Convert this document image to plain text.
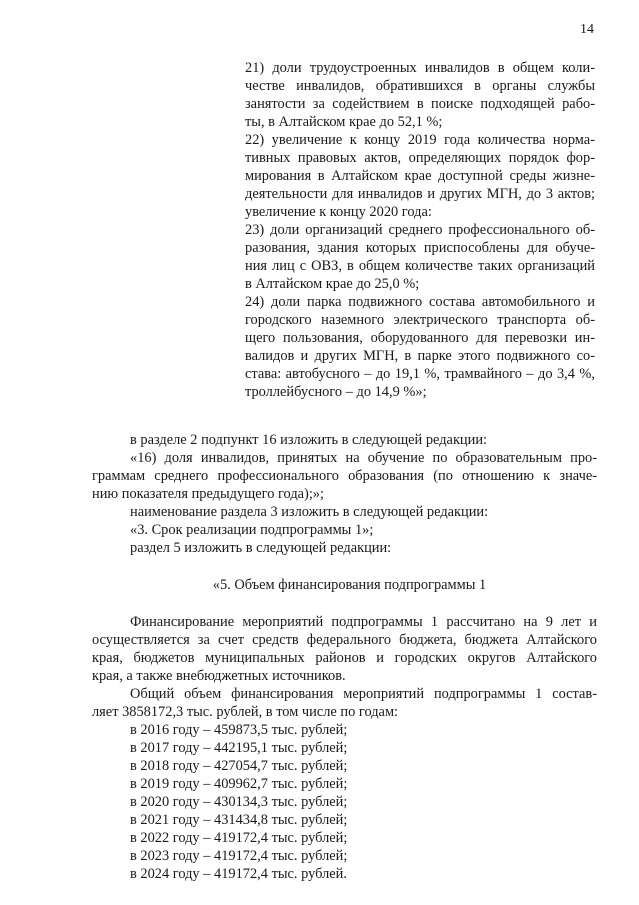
14

21) доли трудоустроенных инвалидов в общем коли-

честве инвалидов, обратившихся в органы службы

занятости за содействием в поиске подходящей рабо-

ты, в Алтайском крае до 52,1 %;

22) увеличение к концу 2019 года количества норма-

тивных правовых актов, определяющих порядок фор-

мирования в Алтайском крае доступной среды жизне-

деятельности для инвалидов и других МГН, до 3 актов;

увеличение к концу 2020 года:

23) доли организаций среднего профессионального об-

разования, здания которых приспособлены для обуче-

ния лиц с ОВЗ, в общем количестве таких организаций

в Алтайском крае до 25,0 %;

24) доли парка подвижного состава автомобильного и

городского наземного электрического транспорта об-

щего пользования, оборудованного для перевозки ин-

валидов и других МГН, в парке этого подвижного со-

става: автобусного – до 19,1 %, трамвайного – до 3,4 %,

троллейбусного – до 14,9 %»;

в разделе 2 подпункт 16 изложить в следующей редакции:

«16) доля инвалидов, принятых на обучение по образовательным про-

граммам среднего профессионального образования (по отношению к значе-

нию показателя предыдущего года);»;

наименование раздела 3 изложить в следующей редакции:

«3. Срок реализации подпрограммы 1»;

раздел 5 изложить в следующей редакции:

«5. Объем финансирования подпрограммы 1

Финансирование мероприятий подпрограммы 1 рассчитано на 9 лет и

осуществляется за счет средств федерального бюджета, бюджета Алтайского

края, бюджетов муниципальных районов и городских округов Алтайского

края, а также внебюджетных источников.

Общий объем финансирования мероприятий подпрограммы 1 состав-

ляет 3858172,3 тыс. рублей, в том числе по годам:

в 2016 году – 459873,5 тыс. рублей;

в 2017 году – 442195,1 тыс. рублей;

в 2018 году – 427054,7 тыс. рублей;

в 2019 году – 409962,7 тыс. рублей;

в 2020 году – 430134,3 тыс. рублей;

в 2021 году – 431434,8 тыс. рублей;

в 2022 году – 419172,4 тыс. рублей;

в 2023 году – 419172,4 тыс. рублей;

в 2024 году – 419172,4 тыс. рублей.
